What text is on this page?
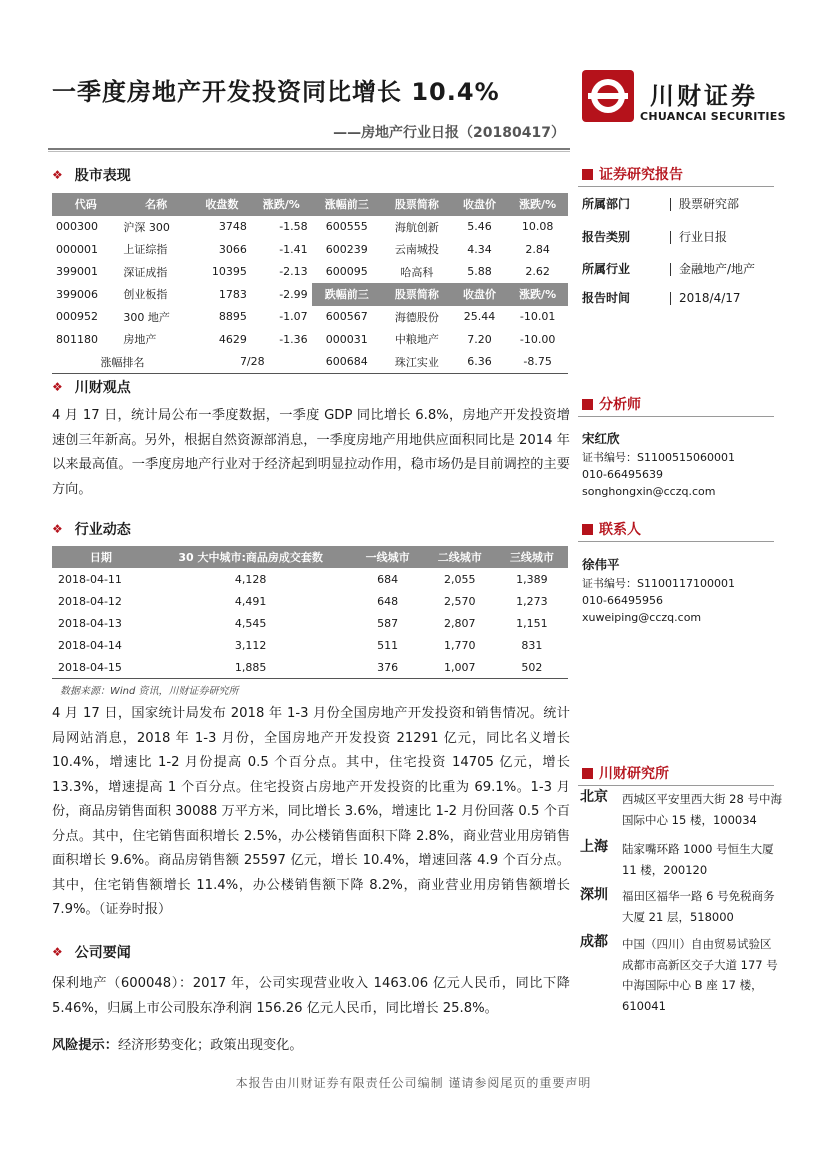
一季度房地产开发投资同比增长 10.4%
——房地产行业日报（20180417）
川财证券
CHUANCAI SECURITIES
❖ 股市表现
代码	名称	收盘数	涨跌/%	涨幅前三	股票简称	收盘价	涨跌/%
000300	沪深 300	3748	-1.58	600555	海航创新	5.46	10.08
000001	上证综指	3066	-1.41	600239	云南城投	4.34	2.84
399001	深证成指	10395	-2.13	600095	哈高科	5.88	2.62
399006	创业板指	1783	-2.99	跌幅前三	股票简称	收盘价	涨跌/%
000952	300 地产	8895	-1.07	600567	海德股份	25.44	-10.01
801180	房地产	4629	-1.36	000031	中粮地产	7.20	-10.00
涨幅排名		7/28		600684	珠江实业	6.36	-8.75
❖ 川财观点
4 月 17 日，统计局公布一季度数据，一季度 GDP 同比增长 6.8%，房地产开发投资增速创三年新高。另外，根据自然资源部消息，一季度房地产用地供应面积同比是 2014 年以来最高值。一季度房地产行业对于经济起到明显拉动作用，稳市场仍是目前调控的主要方向。
❖ 行业动态
日期	30 大中城市:商品房成交套数	一线城市	二线城市	三线城市
2018-04-11	4,128	684	2,055	1,389
2018-04-12	4,491	648	2,570	1,273
2018-04-13	4,545	587	2,807	1,151
2018-04-14	3,112	511	1,770	831
2018-04-15	1,885	376	1,007	502
数据来源：Wind 资讯，川财证券研究所
4 月 17 日，国家统计局发布 2018 年 1-3 月份全国房地产开发投资和销售情况。统计局网站消息，2018 年 1-3 月份，全国房地产开发投资 21291 亿元，同比名义增长 10.4%，增速比 1-2 月份提高 0.5 个百分点。其中，住宅投资 14705 亿元，增长 13.3%，增速提高 1 个百分点。住宅投资占房地产开发投资的比重为 69.1%。1-3 月份，商品房销售面积 30088 万平方米，同比增长 3.6%，增速比 1-2 月份回落 0.5 个百分点。其中，住宅销售面积增长 2.5%，办公楼销售面积下降 2.8%，商业营业用房销售面积增长 9.6%。商品房销售额 25597 亿元，增长 10.4%，增速回落 4.9 个百分点。其中，住宅销售额增长 11.4%，办公楼销售额下降 8.2%，商业营业用房销售额增长 7.9%。（证券时报）
❖ 公司要闻
保利地产（600048）：2017 年，公司实现营业收入 1463.06 亿元人民币，同比下降 5.46%，归属上市公司股东净利润 156.26 亿元人民币，同比增长 25.8%。
风险提示：经济形势变化；政策出现变化。
证券研究报告
所属部门	股票研究部
报告类别	行业日报
所属行业	金融地产/地产
报告时间	2018/4/17
分析师
宋红欣
证书编号：S1100515060001
010-66495639
songhongxin@cczq.com
联系人
徐伟平
证书编号：S1100117100001
010-66495956
xuweiping@cczq.com
川财研究所
北京 西城区平安里西大街 28 号中海国际中心 15 楼，100034
上海 陆家嘴环路 1000 号恒生大厦 11 楼，200120
深圳 福田区福华一路 6 号免税商务大厦 21 层，518000
成都 中国（四川）自由贸易试验区成都市高新区交子大道 177 号中海国际中心 B 座 17 楼，610041
本报告由川财证券有限责任公司编制 谨请参阅尾页的重要声明
